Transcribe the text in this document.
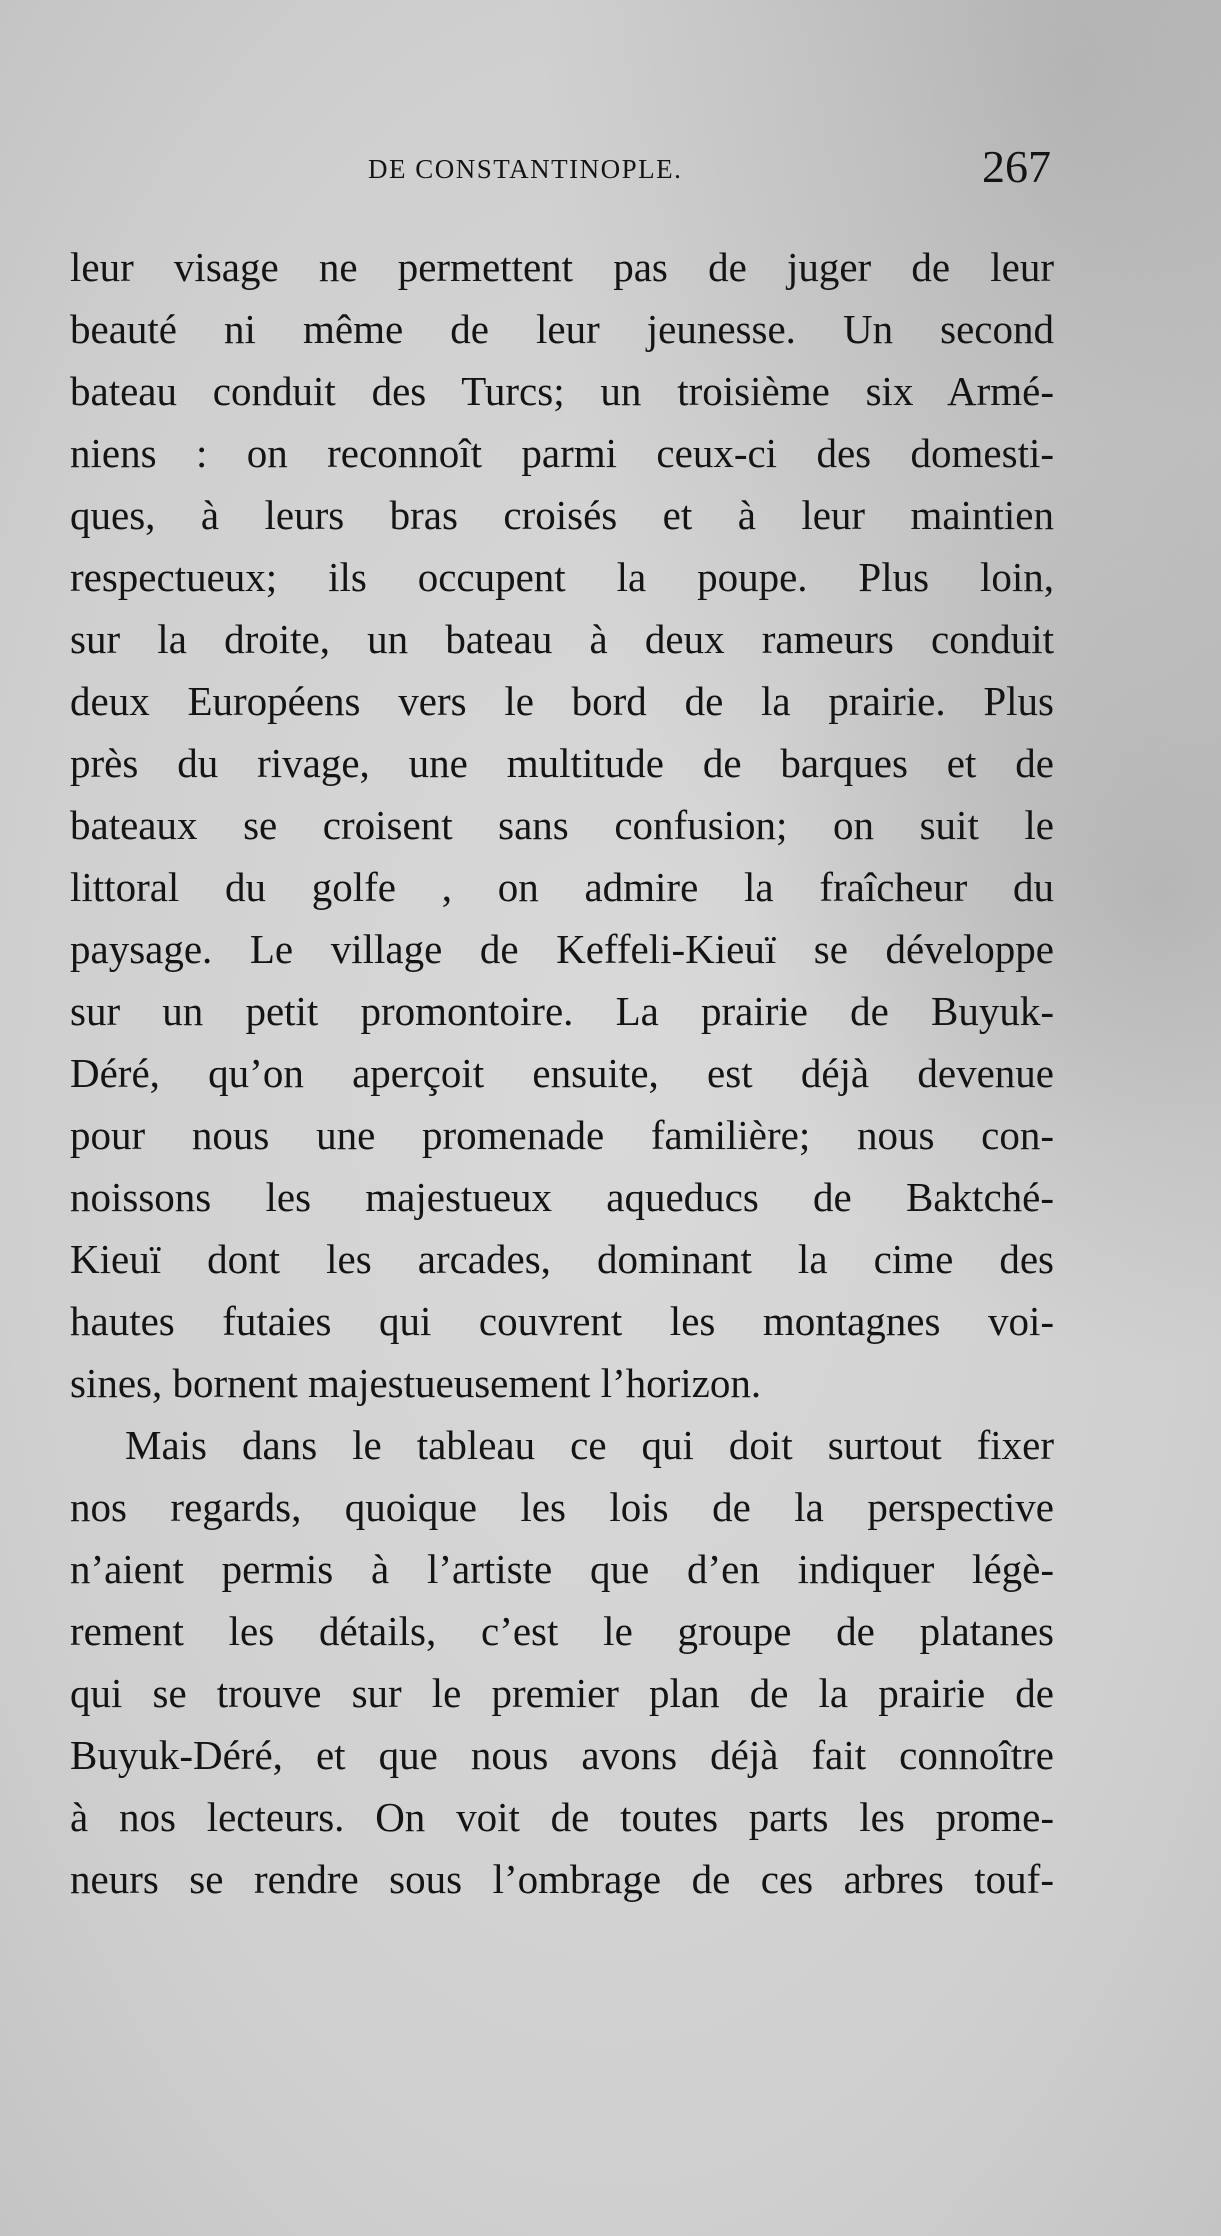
DE CONSTANTINOPLE.	267
leur visage ne permettent pas de juger de leur
beauté ni même de leur jeunesse. Un second
bateau conduit des Turcs; un troisième six Armé-
niens : on reconnoît parmi ceux-ci des domesti-
ques, à leurs bras croisés et à leur maintien
respectueux; ils occupent la poupe. Plus loin,
sur la droite, un bateau à deux rameurs conduit
deux Européens vers le bord de la prairie. Plus
près du rivage, une multitude de barques et de
bateaux se croisent sans confusion; on suit le
littoral du golfe , on admire la fraîcheur du
paysage. Le village de Keffeli-Kieuï se développe
sur un petit promontoire. La prairie de Buyuk-
Déré, qu’on aperçoit ensuite, est déjà devenue
pour nous une promenade familière; nous con-
noissons les majestueux aqueducs de Baktché-
Kieuï dont les arcades, dominant la cime des
hautes futaies qui couvrent les montagnes voi-
sines, bornent majestueusement l’horizon.
Mais dans le tableau ce qui doit surtout fixer
nos regards, quoique les lois de la perspective
n’aient permis à l’artiste que d’en indiquer légè-
rement les détails, c’est le groupe de platanes
qui se trouve sur le premier plan de la prairie de
Buyuk-Déré, et que nous avons déjà fait connoître
à nos lecteurs. On voit de toutes parts les prome-
neurs se rendre sous l’ombrage de ces arbres touf-
